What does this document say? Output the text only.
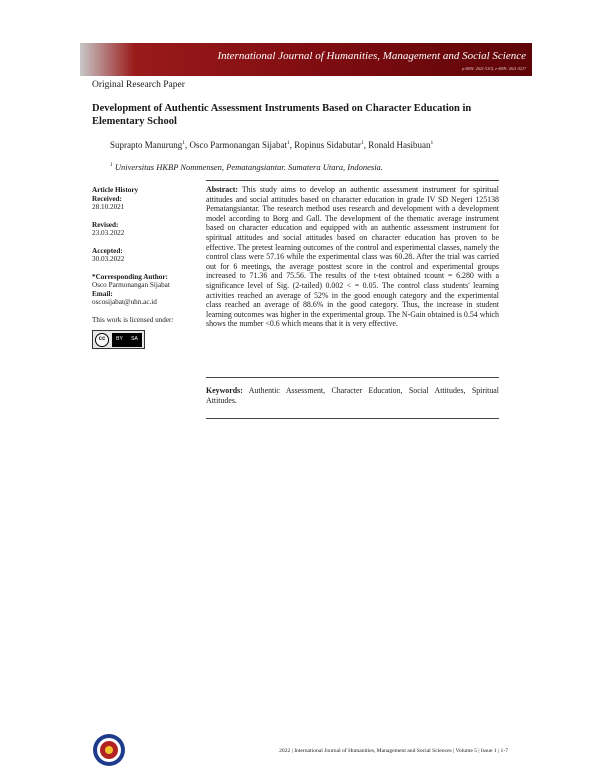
International Journal of Humanities, Management and Social Science
p-ISSN: 2621-511X, e-ISSN: 2621-5217
Original Research Paper
Development of Authentic Assessment Instruments Based on Character Education in Elementary School
Suprapto Manurung$^1$, Osco Parmonangan Sijabat$^1$, Ropinus Sidabutar$^1$, Ronald Hasibuan$^1$
$^1$ Universitas HKBP Nommensen, Pematangsiantar. Sumatera Utara, Indonesia.
Article History
Received:
28.10.2021
Revised:
23.03.2022
Accepted:
30.03.2022
*Corresponding Author:
Osco Parmonangan Sijabat
Email:
oscosijabat@uhn.ac.id
This work is licensed under:
cc	BY SA

Abstract: This study aims to develop an authentic assessment instrument for spiritual attitudes and social attitudes based on character education in grade IV SD Negeri 125138 Pematangsiantar. The research method uses research and development with a development model according to Borg and Gall. The development of the thematic average instrument based on character education and equipped with an authentic assessment instrument for spiritual attitudes and social attitudes based on character education has proven to be effective. The pretest learning outcomes of the control and experimental classes, namely the control class were 57.16 while the experimental class was 60.28. After the trial was carried out for 6 meetings, the average posttest score in the control and experimental groups increased to 71.36 and 75.56. The results of the t-test obtained tcount = 6.280 with a significance level of Sig. (2-tailed) 0.002 < = 0.05. The control class students' learning activities reached an average of 52% in the good enough category and the experimental class reached an average of 88.6% in the good category. Thus, the increase in student learning outcomes was higher in the experimental group. The N-Gain obtained is 0.54 which shows the number <0.6 which means that it is very effective.

Keywords: Authentic Assessment, Character Education, Social Attitudes, Spiritual Attitudes.

2022 | International Journal of Humanities, Management and Social Sciences | Volume 5 | Issue 1 | 1-7
